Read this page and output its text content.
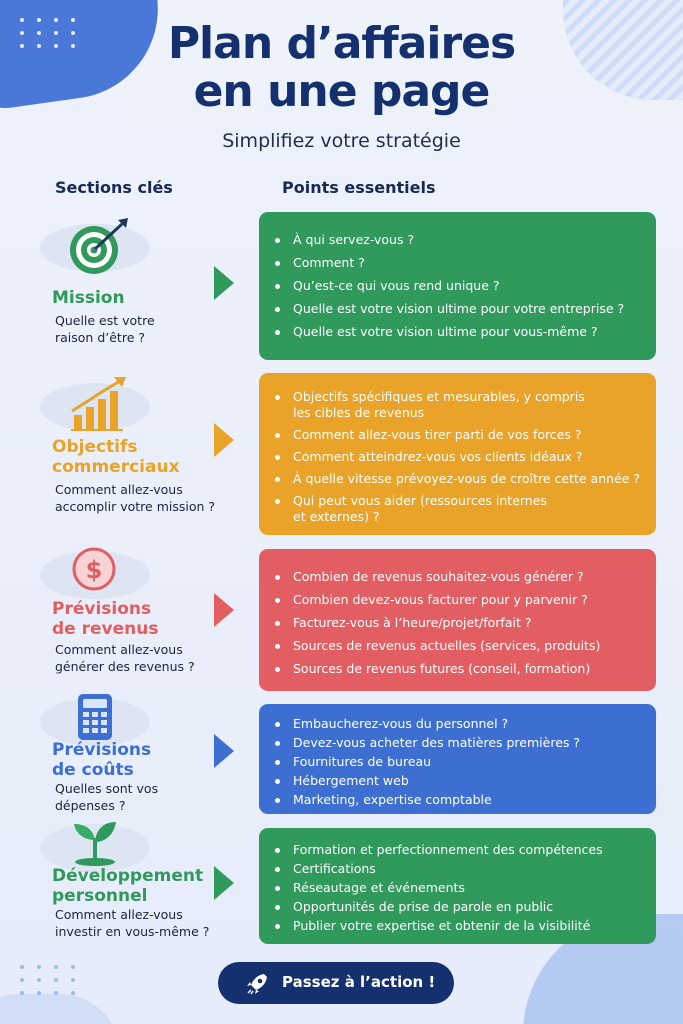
Plan d’affaires
en une page
Simplifiez votre stratégie
Sections clés	Points essentiels
Mission
Quelle est votre
raison d’être ?
À qui servez-vous ?
Comment ?
Qu’est-ce qui vous rend unique ?
Quelle est votre vision ultime pour votre entreprise ?
Quelle est votre vision ultime pour vous-même ?
Objectifs
commerciaux
Comment allez-vous
accomplir votre mission ?
Objectifs spécifiques et mesurables, y compris
les cibles de revenus
Comment allez-vous tirer parti de vos forces ?
Comment atteindrez-vous vos clients idéaux ?
À quelle vitesse prévoyez-vous de croître cette année ?
Qui peut vous aider (ressources internes
et externes) ?
$
Prévisions
de revenus
Comment allez-vous
générer des revenus ?
Combien de revenus souhaitez-vous générer ?
Combien devez-vous facturer pour y parvenir ?
Facturez-vous à l’heure/projet/forfait ?
Sources de revenus actuelles (services, produits)
Sources de revenus futures (conseil, formation)
Prévisions
de coûts
Quelles sont vos
dépenses ?
Embaucherez-vous du personnel ?
Devez-vous acheter des matières premières ?
Fournitures de bureau
Hébergement web
Marketing, expertise comptable
Développement
personnel
Comment allez-vous
investir en vous-même ?
Formation et perfectionnement des compétences
Certifications
Réseautage et événements
Opportunités de prise de parole en public
Publier votre expertise et obtenir de la visibilité
Passez à l’action !
